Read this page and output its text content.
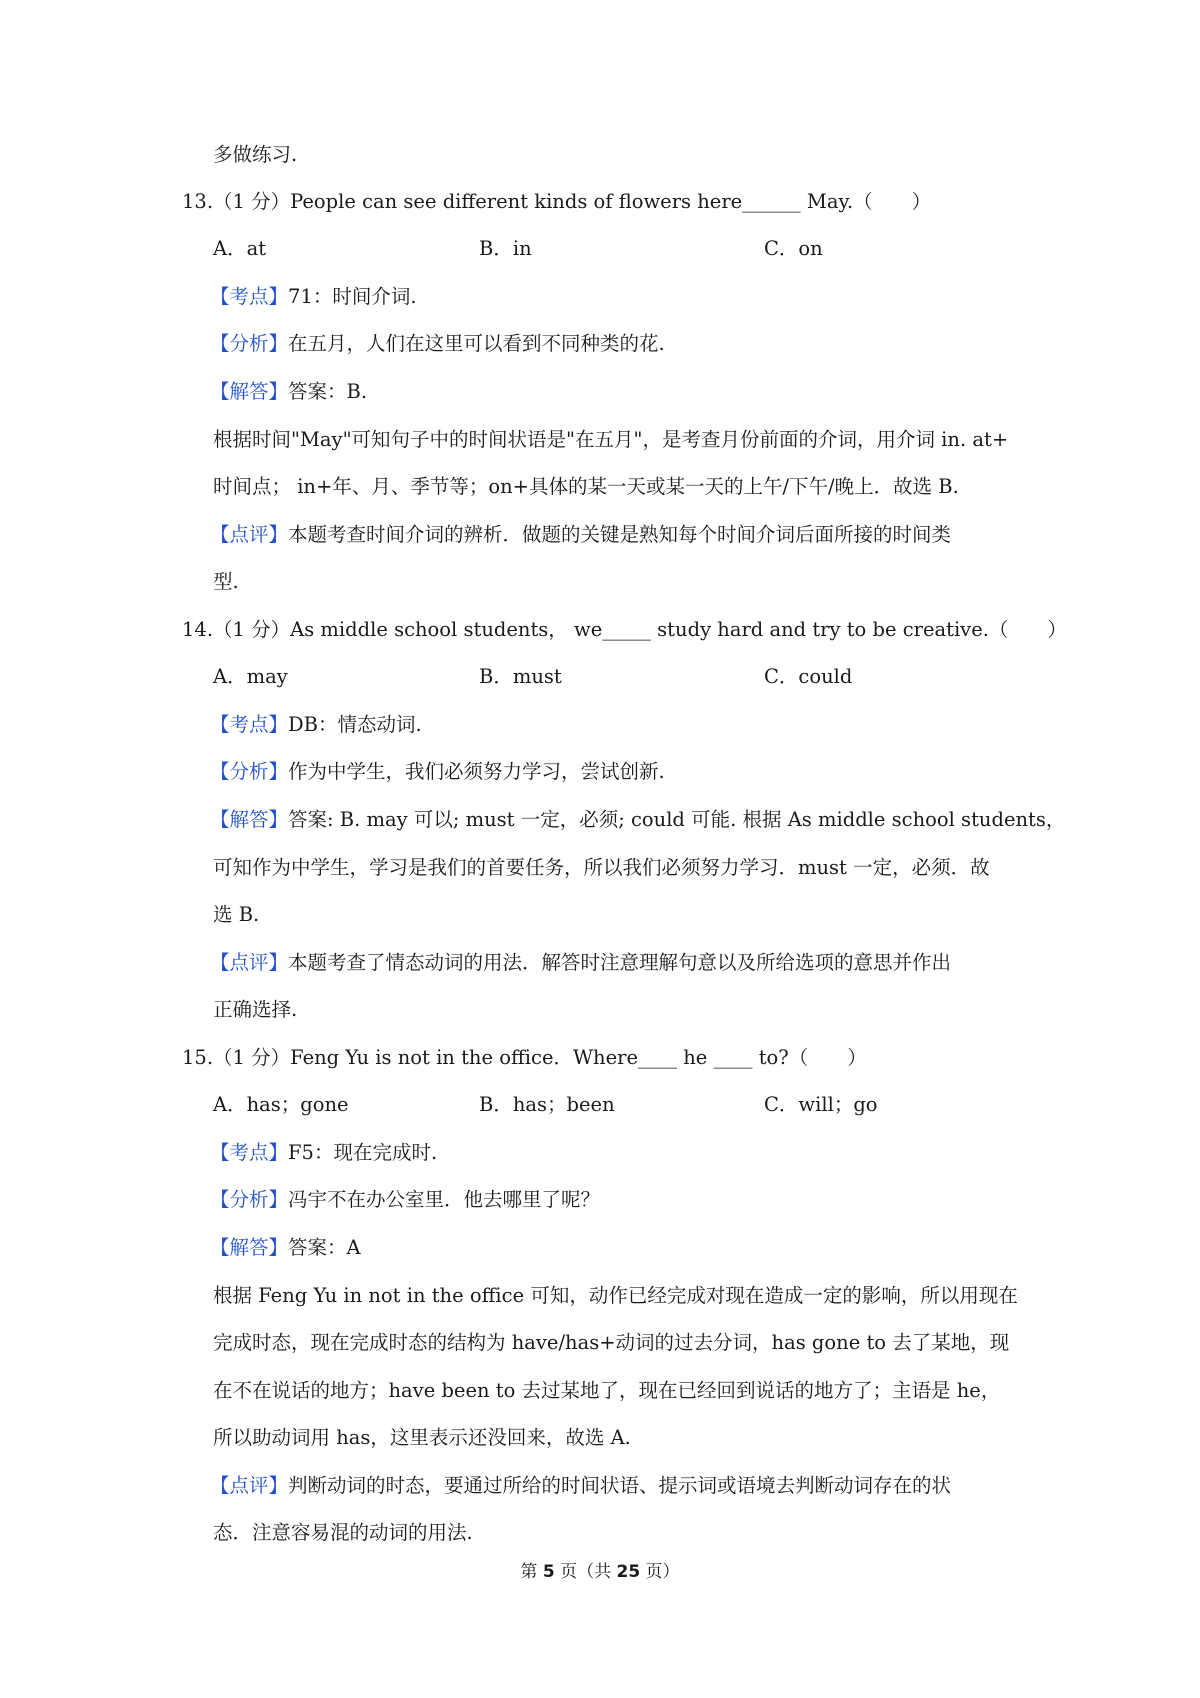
多做练习.
13.（1 分）People can see different kinds of flowers here______ May.（　　）
A．at	B．in	C．on
【考点】71：时间介词.
【分析】在五月，人们在这里可以看到不同种类的花.
【解答】答案：B.
根据时间"May"可知句子中的时间状语是"在五月"，是考查月份前面的介词，用介词 in. at+
时间点； in+年、月、季节等；on+具体的某一天或某一天的上午/下午/晚上．故选 B.
【点评】本题考查时间介词的辨析．做题的关键是熟知每个时间介词后面所接的时间类
型.
14.（1 分）As middle school students， we_____ study hard and try to be creative.（　　）
A．may	B．must	C．could
【考点】DB：情态动词.
【分析】作为中学生，我们必须努力学习，尝试创新.
【解答】答案: B. may 可以; must 一定，必须; could 可能. 根据 As middle school students，
可知作为中学生，学习是我们的首要任务，所以我们必须努力学习．must 一定，必须．故
选 B.
【点评】本题考查了情态动词的用法．解答时注意理解句意以及所给选项的意思并作出
正确选择.
15.（1 分）Feng Yu is not in the office．Where____ he ____ to?（　　）
A．has；gone	B．has；been	C．will；go
【考点】F5：现在完成时.
【分析】冯宇不在办公室里．他去哪里了呢？
【解答】答案：A
根据 Feng Yu in not in the office 可知，动作已经完成对现在造成一定的影响，所以用现在
完成时态，现在完成时态的结构为 have/has+动词的过去分词，has gone to 去了某地，现
在不在说话的地方；have been to 去过某地了，现在已经回到说话的地方了；主语是 he，
所以助动词用 has，这里表示还没回来，故选 A.
【点评】判断动词的时态，要通过所给的时间状语、提示词或语境去判断动词存在的状
态．注意容易混的动词的用法.
第 5 页（共 25 页）
